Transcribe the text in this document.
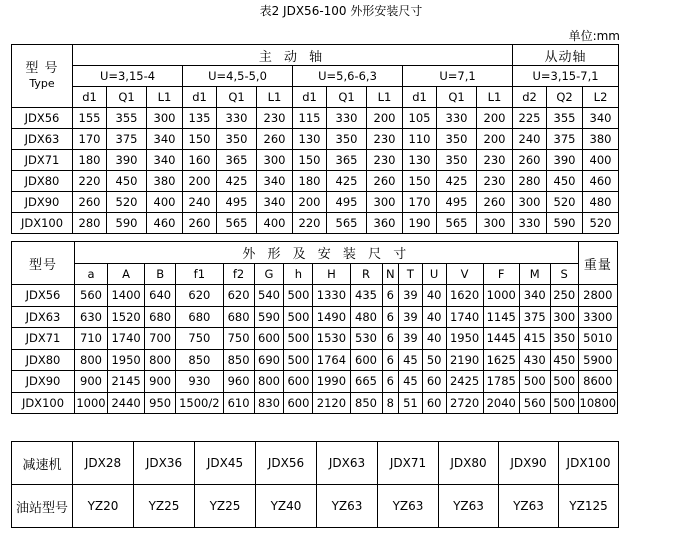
表2 JDX56-100 外形安装尺寸
单位:mm
型 号
Type	主 动 轴												从动轴		
	U=3,15-4			U=4,5-5,0			U=5,6-6,3			U=7,1			U=3,15-7,1		
	d1	Q1	L1	d1	Q1	L1	d1	Q1	L1	d1	Q1	L1	d2	Q2	L2
JDX56	155	355	300	135	330	230	115	330	200	105	330	200	225	355	340
JDX63	170	375	340	150	350	260	130	350	230	110	350	200	240	375	380
JDX71	180	390	340	160	365	300	150	365	230	130	350	230	260	390	400
JDX80	220	450	380	200	425	340	180	425	260	150	425	230	280	450	460
JDX90	260	520	400	240	495	340	200	495	300	170	495	260	300	520	480
JDX100	280	590	460	260	565	400	220	565	360	190	565	300	330	590	520
型号	外 形 及 安 装 尺 寸																重量
	a	A	B	f1	f2	G	h	H	R	N	T	U	V	F	M	S	
JDX56	560	1400	640	620	620	540	500	1330	435	6	39	40	1620	1000	340	250	2800
JDX63	630	1520	680	680	680	590	500	1490	480	6	39	40	1740	1145	375	300	3300
JDX71	710	1740	700	750	750	600	500	1530	530	6	39	40	1950	1445	415	350	5010
JDX80	800	1950	800	850	850	690	500	1764	600	6	45	50	2190	1625	430	450	5900
JDX90	900	2145	900	930	960	800	600	1990	665	6	45	60	2425	1785	500	500	8600
JDX100	1000	2440	950	1500/2	610	830	600	2120	850	8	51	60	2720	2040	560	500	10800
减速机	JDX28	JDX36	JDX45	JDX56	JDX63	JDX71	JDX80	JDX90	JDX100
油站型号	YZ20	YZ25	YZ25	YZ40	YZ63	YZ63	YZ63	YZ63	YZ125
